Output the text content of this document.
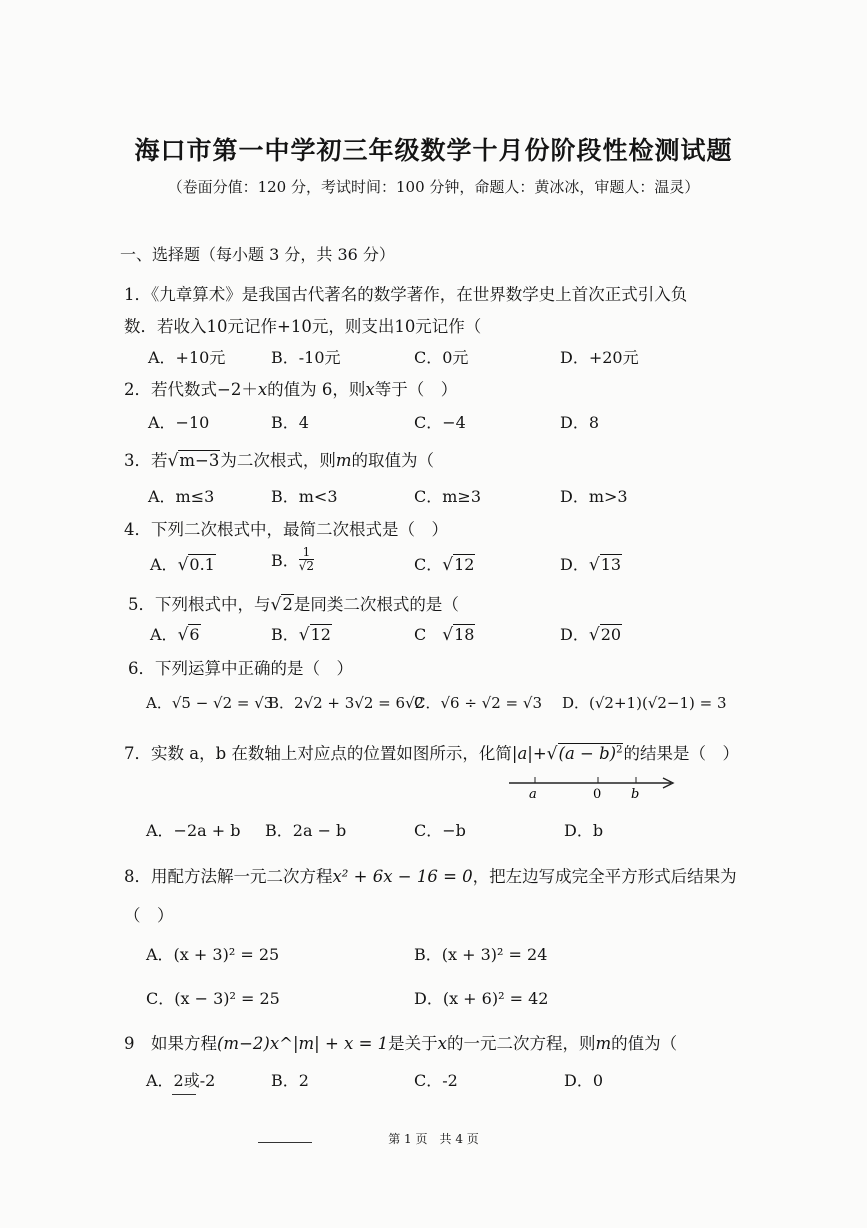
海口市第一中学初三年级数学十月份阶段性检测试题
（卷面分值：120 分，考试时间：100 分钟，命题人：黄冰冰，审题人：温灵）
一、选择题（每小题 3 分，共 36 分）
1．《九章算术》是我国古代著名的数学著作，在世界数学史上首次正式引入负
数．若收入10元记作+10元，则支出10元记作（
A．+10元	B．-10元	C．0元	D．+20元
2．若代数式−2＋x的值为 6，则x等于（　）
A．−10	B．4	C．−4	D．8
3．若√m−3为二次根式，则m的取值为（
A．m≤3	B．m<3	C．m≥3	D．m>3
4．下列二次根式中，最简二次根式是（　）
A．√0.1	B． $\frac{1}{√2}$	C．√12	D．√13
5．下列根式中，与√2是同类二次根式的是（
A．√6	B．√12	C　√18	D．√20
6．下列运算中正确的是（　）
A．√5 − √2 = √3
B．2√2 + 3√2 = 6√2
C．√6 ÷ √2 = √3 D．(√2+1)(√2−1) = 3
7．实数 a，b 在数轴上对应点的位置如图所示，化简$|a|+√(a - b)^2$的结果是（　）
a	0 b
A．−2a + b B．2a − b	C．−b	D．b
8．用配方法解一元二次方程x² + 6x − 16 = 0，把左边写成完全平方形式后结果为
（　）
A．(x + 3)² = 25	B．(x + 3)² = 24
C．(x − 3)² = 25	D．(x + 6)² = 42
9　如果方程(m−2)x^|m| + x = 1是关于x的一元二次方程，则m的值为（
A．2或-2	B．2	C．-2	D．0
第 1 页　共 4 页
